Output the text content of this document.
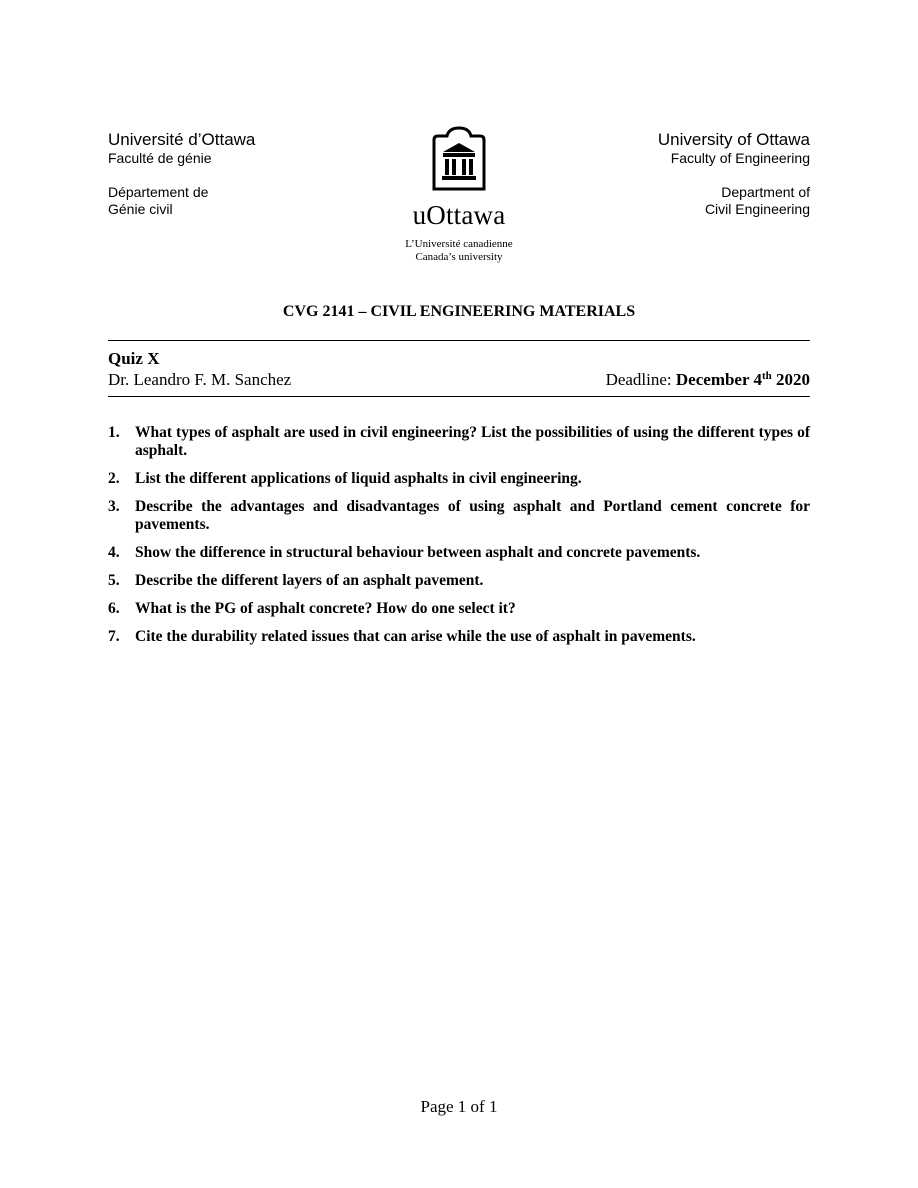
Université d’Ottawa
Faculté de génie
Département de
Génie civil	uOttawa
L’Université canadienne
Canada’s university
University of Ottawa
Faculty of Engineering
Department of
Civil Engineering
CVG 2141 – CIVIL ENGINEERING MATERIALS
Quiz X
Dr. Leandro F. M. Sanchez	Deadline: December 4th 2020
1. What types of asphalt are used in civil engineering? List the possibilities of using the different types of asphalt.
2. List the different applications of liquid asphalts in civil engineering.
3. Describe the advantages and disadvantages of using asphalt and Portland cement concrete for pavements.
4. Show the difference in structural behaviour between asphalt and concrete pavements.
5. Describe the different layers of an asphalt pavement.
6. What is the PG of asphalt concrete? How do one select it?
7. Cite the durability related issues that can arise while the use of asphalt in pavements.
Page 1 of 1
